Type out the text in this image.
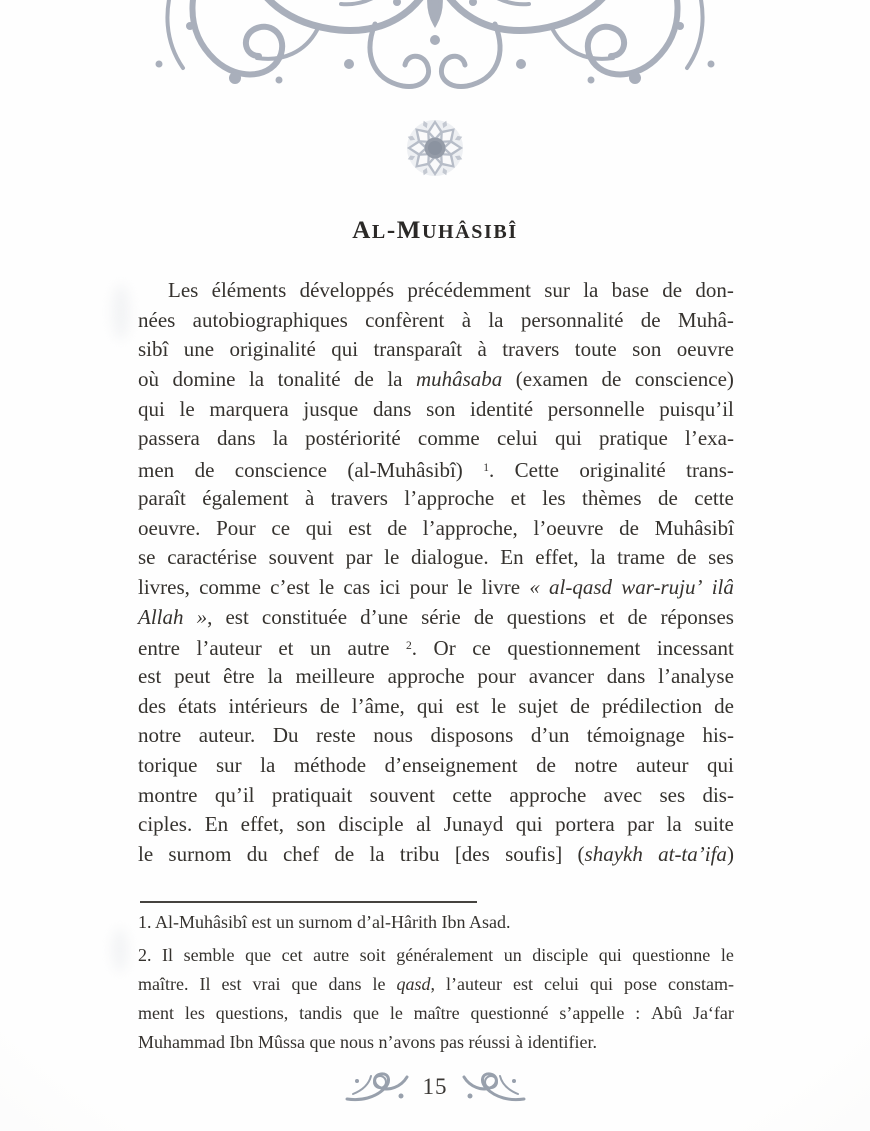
AL-MUHÂSIBÎ
Les éléments développés précédemment sur la base de don-
nées autobiographiques confèrent à la personnalité de Muhâ-
sibî une originalité qui transparaît à travers toute son oeuvre
où domine la tonalité de la muhâsaba (examen de conscience)
qui le marquera jusque dans son identité personnelle puisqu’il
passera dans la postériorité comme celui qui pratique l’exa-
men de conscience (al-Muhâsibî) $^1$. Cette originalité trans-
paraît également à travers l’approche et les thèmes de cette
oeuvre. Pour ce qui est de l’approche, l’oeuvre de Muhâsibî
se caractérise souvent par le dialogue. En effet, la trame de ses
livres, comme c’est le cas ici pour le livre « al-qasd war-ruju’ ilâ
Allah », est constituée d’une série de questions et de réponses
entre l’auteur et un autre $^2$. Or ce questionnement incessant
est peut être la meilleure approche pour avancer dans l’analyse
des états intérieurs de l’âme, qui est le sujet de prédilection de
notre auteur. Du reste nous disposons d’un témoignage his-
torique sur la méthode d’enseignement de notre auteur qui
montre qu’il pratiquait souvent cette approche avec ses dis-
ciples. En effet, son disciple al Junayd qui portera par la suite
le surnom du chef de la tribu [des soufis] (shaykh at-ta’ifa)
1. Al-Muhâsibî est un surnom d’al-Hârith Ibn Asad.
2. Il semble que cet autre soit généralement un disciple qui questionne le
maître. Il est vrai que dans le qasd, l’auteur est celui qui pose constam-
ment les questions, tandis que le maître questionné s’appelle : Abû Ja‘far
Muhammad Ibn Mûssa que nous n’avons pas réussi à identifier.
15
